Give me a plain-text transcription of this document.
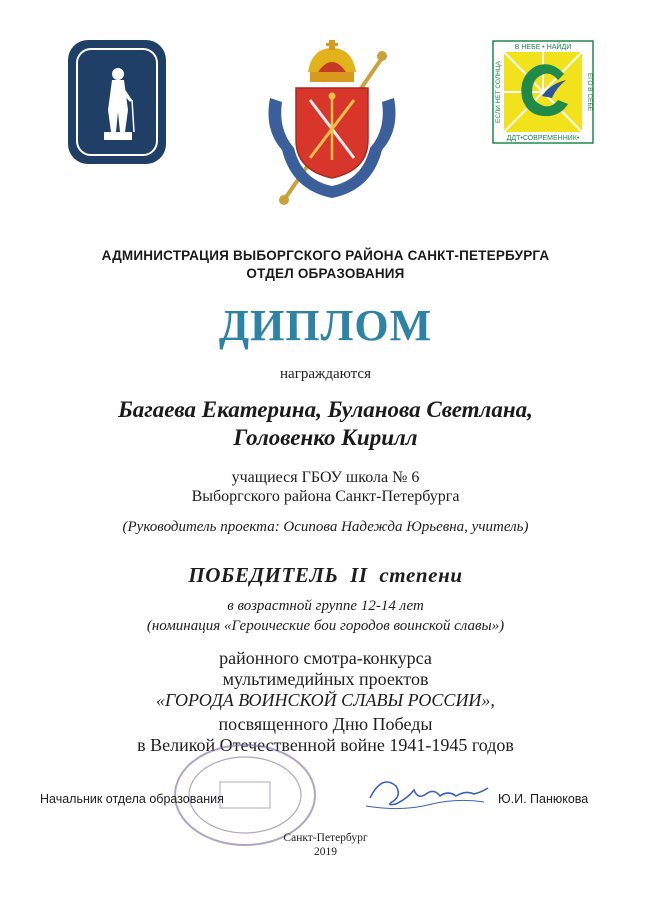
В НЕБЕ • НАЙДИ
ДДТ•СОВРЕМЕННИК•
ЕГО В СЕБЕ
ЕСЛИ НЕТ СОЛНЦА
АДМИНИСТРАЦИЯ ВЫБОРГСКОГО РАЙОНА САНКТ-ПЕТЕРБУРГА
ОТДЕЛ ОБРАЗОВАНИЯ
ДИПЛОМ
награждаются
Багаева Екатерина, Буланова Светлана,
Головенко Кирилл
учащиеся ГБОУ школа № 6
Выборгского района Санкт-Петербурга
(Руководитель проекта: Осипова Надежда Юрьевна, учитель)
ПОБЕДИТЕЛЬ  II  степени
в возрастной группе 12-14 лет
(номинация «Героические бои городов воинской славы»)
районного смотра-конкурса
мультимедийных проектов
«ГОРОДА ВОИНСКОЙ СЛАВЫ РОССИИ»,
посвященного Дню Победы
в Великой Отечественной войне 1941-1945 годов
Начальник отдела образования	Ю.И. Панюкова
Санкт-Петербург
2019
